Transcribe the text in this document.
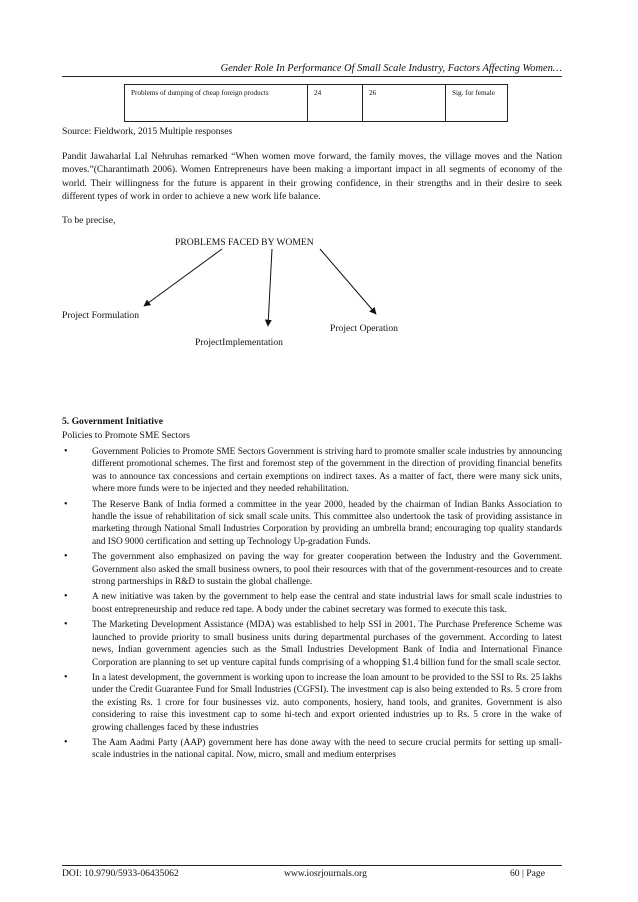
Gender Role In Performance Of Small Scale Industry, Factors Affecting Women…
Problems of dumping of cheap foreign products	24	26	Sig. for female
Source: Fieldwork, 2015 Multiple responses
Pandit Jawaharlal Lal Nehruhas remarked “When women move forward, the family moves, the village moves and the Nation moves.”(Charantimath 2006). Women Entrepreneurs have been making a important impact in all segments of economy of the world. Their willingness for the future is apparent in their growing confidence, in their strengths and in their desire to seek different types of work in order to achieve a new work life balance.
To be precise,
PROBLEMS FACED BY WOMEN
Project Formulation
ProjectImplementation
Project Operation
5. Government Initiative
Policies to Promote SME Sectors
•	Government Policies to Promote SME Sectors Government is striving hard to promote smaller scale industries by announcing different promotional schemes. The first and foremost step of the government in the direction of providing financial benefits was to announce tax concessions and certain exemptions on indirect taxes. As a matter of fact, there were many sick units, where more funds were to be injected and they needed rehabilitation.
•	The Reserve Bank of India formed a committee in the year 2000, headed by the chairman of Indian Banks Association to handle the issue of rehabilitation of sick small scale units. This committee also undertook the task of providing assistance in marketing through National Small Industries Corporation by providing an umbrella brand; encouraging top quality standards and ISO 9000 certification and setting up Technology Up-gradation Funds.
•	The government also emphasized on paving the way for greater cooperation between the Industry and the Government. Government also asked the small business owners, to pool their resources with that of the government-resources and to create strong partnerships in R&D to sustain the global challenge.
•	A new initiative was taken by the government to help ease the central and state industrial laws for small scale industries to boost entrepreneurship and reduce red tape. A body under the cabinet secretary was formed to execute this task.
•	The Marketing Development Assistance (MDA) was established to help SSI in 2001. The Purchase Preference Scheme was launched to provide priority to small business units during departmental purchases of the government. According to latest news, Indian government agencies such as the Small Industries Development Bank of India and International Finance Corporation are planning to set up venture capital funds comprising of a whopping $1.4 billion fund for the small scale sector.
•	In a latest development, the government is working upon to increase the loan amount to be provided to the SSI to Rs. 25 lakhs under the Credit Guarantee Fund for Small Industries (CGFSI). The investment cap is also being extended to Rs. 5 crore from the existing Rs. 1 crore for four businesses viz. auto components, hosiery, hand tools, and granites. Government is also considering to raise this investment cap to some hi-tech and export oriented industries up to Rs. 5 crore in the wake of growing challenges faced by these industries
•	The Aam Aadmi Party (AAP) government here has done away with the need to secure crucial permits for setting up small-scale industries in the national capital. Now, micro, small and medium enterprises
DOI: 10.9790/5933-06435062	www.iosrjournals.org	60 | Page
